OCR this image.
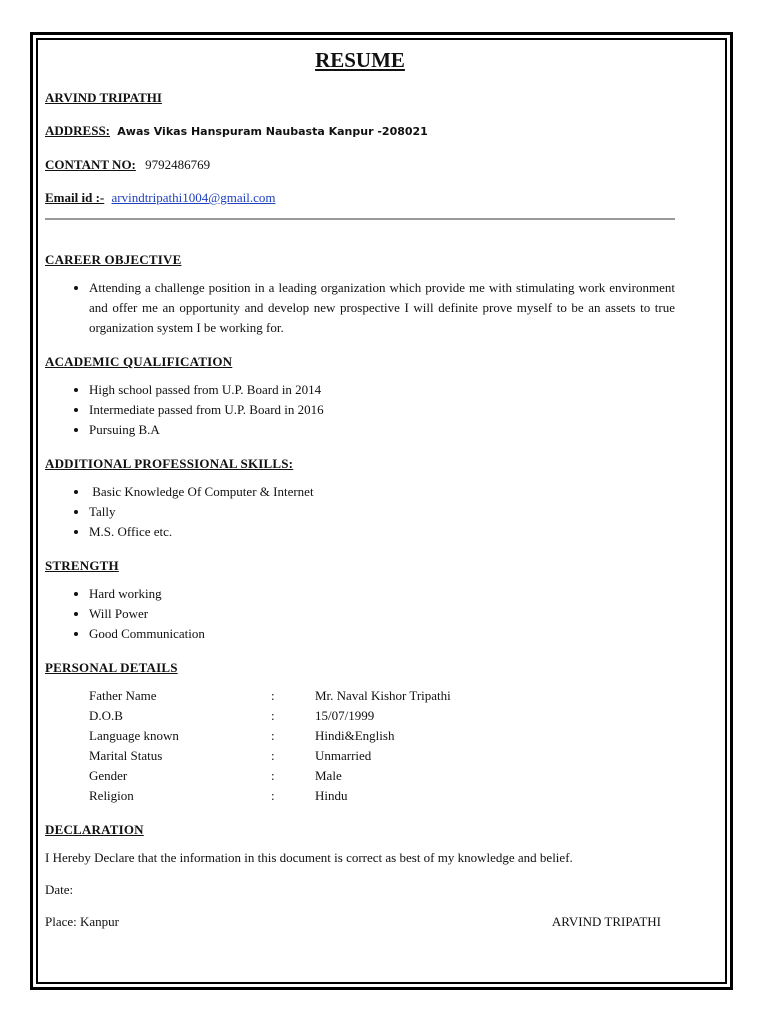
RESUME
ARVIND TRIPATHI
ADDRESS: Awas Vikas Hanspuram Naubasta Kanpur -208021
CONTANT NO: 9792486769
Email id :- arvindtripathi1004@gmail.com
CAREER OBJECTIVE
• Attending a challenge position in a leading organization which provide me with stimulating work environment and offer me an opportunity and develop new prospective I will definite prove myself to be an assets to true organization system I be working for.
ACADEMIC QUALIFICATION
• High school passed from U.P. Board in 2014
• Intermediate passed from U.P. Board in 2016
• Pursuing B.A
ADDITIONAL PROFESSIONAL SKILLS:
•  Basic Knowledge Of Computer & Internet
• Tally
• M.S. Office etc.
STRENGTH
• Hard working
• Will Power
• Good Communication
PERSONAL DETAILS
Father Name	:	Mr. Naval Kishor Tripathi
D.O.B	:	15/07/1999
Language known	:	Hindi&English
Marital Status	:	Unmarried
Gender	:	Male
Religion	:	Hindu
DECLARATION
I Hereby Declare that the information in this document is correct as best of my knowledge and belief.
Date:
Place: Kanpur	ARVIND TRIPATHI
